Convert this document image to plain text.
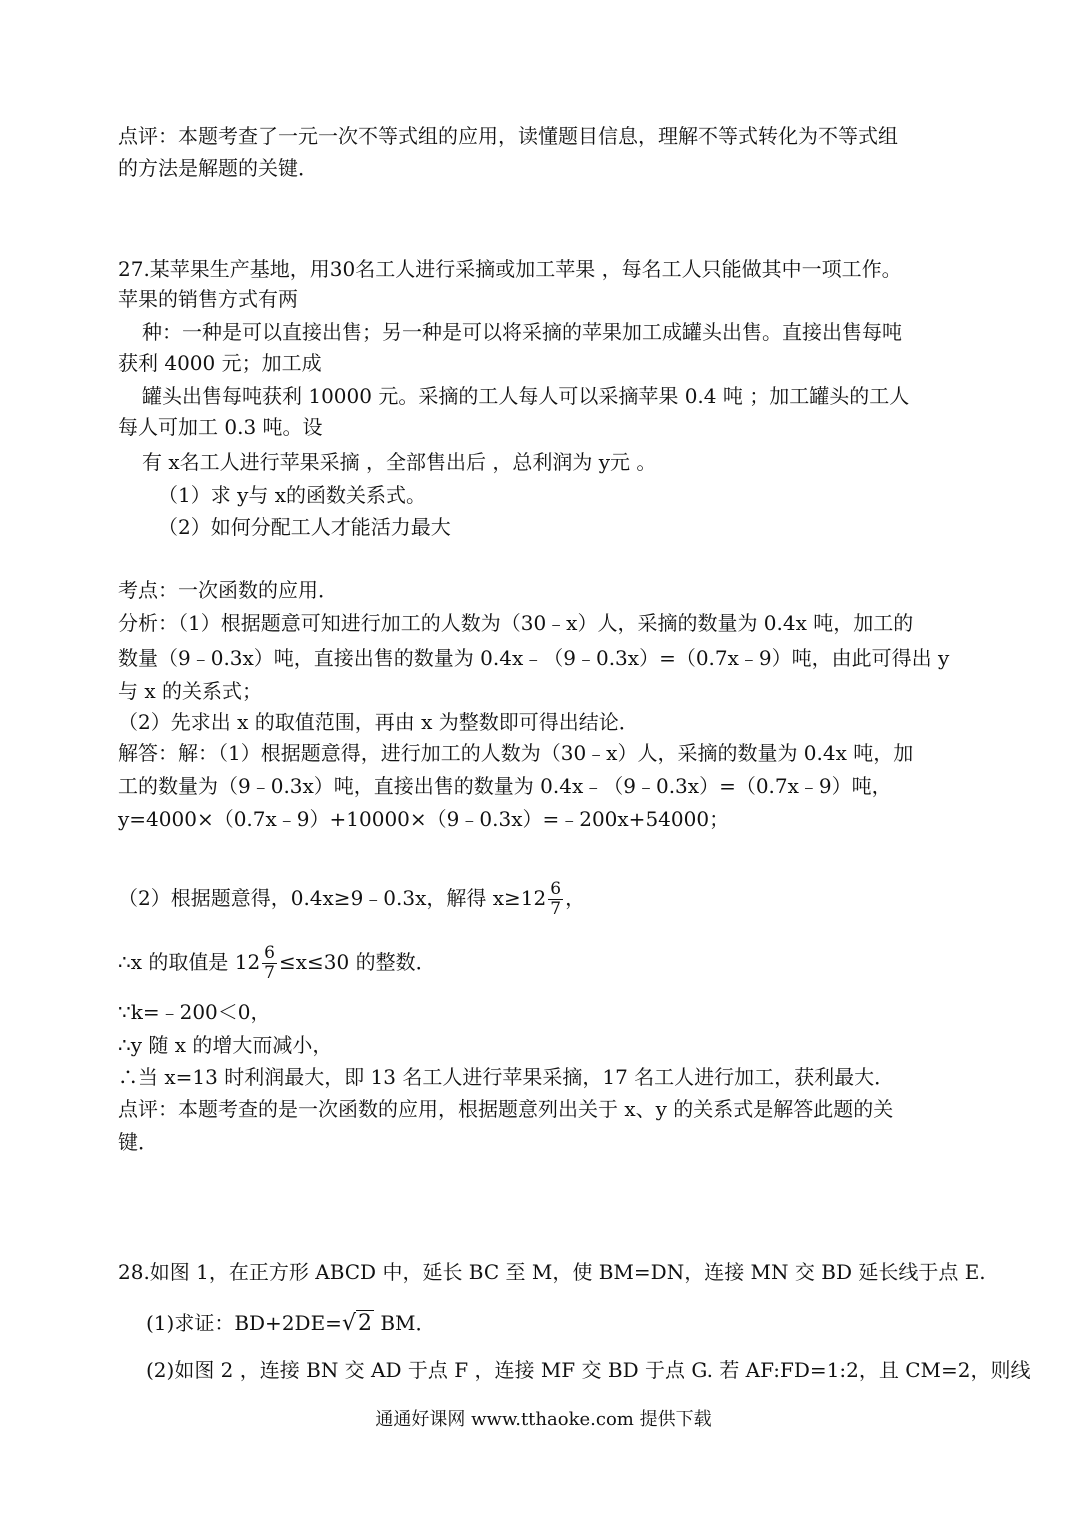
点评：本题考查了一元一次不等式组的应用，读懂题目信息，理解不等式转化为不等式组
的方法是解题的关键．
27.某苹果生产基地，用30名工人进行采摘或加工苹果 ，每名工人只能做其中一项工作。
苹果的销售方式有两
种：一种是可以直接出售；另一种是可以将采摘的苹果加工成罐头出售。直接出售每吨
获利 4000 元；加工成
罐头出售每吨获利 10000 元。采摘的工人每人可以采摘苹果 0.4 吨 ；加工罐头的工人
每人可加工 0.3 吨。设
有 x名工人进行苹果采摘 ，全部售出后 ，总利润为 y元 。
（1）求 y与 x的函数关系式。
（2）如何分配工人才能活力最大
考点：一次函数的应用．
分析：（1）根据题意可知进行加工的人数为（30﹣x）人，采摘的数量为 0.4x 吨，加工的
数量（9﹣0.3x）吨，直接出售的数量为 0.4x﹣（9﹣0.3x）=（0.7x﹣9）吨，由此可得出 y
与 x 的关系式；
（2）先求出 x 的取值范围，再由 x 为整数即可得出结论．
解答：解：（1）根据题意得，进行加工的人数为（30﹣x）人，采摘的数量为 0.4x 吨，加
工的数量为（9﹣0.3x）吨，直接出售的数量为 0.4x﹣（9﹣0.3x）=（0.7x﹣9）吨，
y=4000×（0.7x﹣9）+10000×（9﹣0.3x）=﹣200x+54000；
（2）根据题意得，0.4x≥9﹣0.3x，解得 $x\ge 12 \frac{6}{7}$ ，
∴x 的取值是 $12 \frac{6}{7} \le x\le 30$ 的整数．
∵k=﹣200＜0，
∴y 随 x 的增大而减小，
∴当 x=13 时利润最大，即 13 名工人进行苹果采摘，17 名工人进行加工，获利最大．
点评：本题考查的是一次函数的应用，根据题意列出关于 x、y 的关系式是解答此题的关
键．
28.如图 1，在正方形 ABCD 中，延长 BC 至 M，使 BM=DN，连接 MN 交 BD 延长线于点 E.
(1)求证：BD+2DE=√2 BM．
(2)如图 2 ，连接 BN 交 AD 于点 F ，连接 MF 交 BD 于点 G. 若 AF:FD=1:2，且 CM=2，则线
通通好课网 www.tthaoke.com 提供下载
